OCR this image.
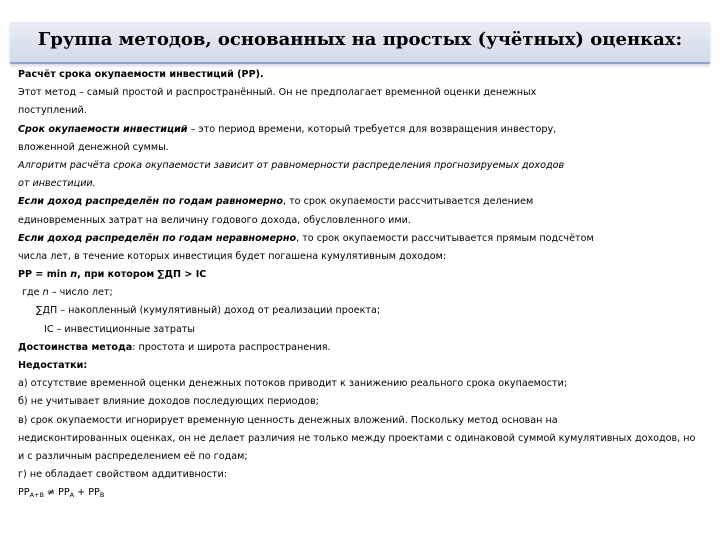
Группа методов, основанных на простых (учётных) оценках:
Расчёт срока окупаемости инвестиций (PP).
Этот метод – самый простой и распространённый. Он не предполагает временной оценки денежных
поступлений.
Срок окупаемости инвестиций – это период времени, который требуется для возвращения инвестору,
вложенной денежной суммы.
Алгоритм расчёта срока окупаемости зависит от равномерности распределения прогнозируемых доходов
от инвестиции.
Если доход распределён по годам равномерно, то срок окупаемости рассчитывается делением
единовременных затрат на величину годового дохода, обусловленного ими.
Если доход распределён по годам неравномерно, то срок окупаемости рассчитывается прямым подсчётом
числа лет, в течение которых инвестиция будет погашена кумулятивным доходом:
PP = min n, при котором ∑ДП > IC
где n – число лет;
∑ДП – накопленный (кумулятивный) доход от реализации проекта;
IC – инвестиционные затраты
Достоинства метода: простота и широта распространения.
Недостатки:
а) отсутствие временной оценки денежных потоков приводит к занижению реального срока окупаемости;
б) не учитывает влияние доходов последующих периодов;
в) срок окупаемости игнорирует временную ценность денежных вложений. Поскольку метод основан на
недисконтированных оценках, он не делает различия не только между проектами с одинаковой суммой кумулятивных доходов, но
и с различным распределением её по годам;
г) не обладает свойством аддитивности:
$PP_{A+B} \ne PP_A + PP_B$
